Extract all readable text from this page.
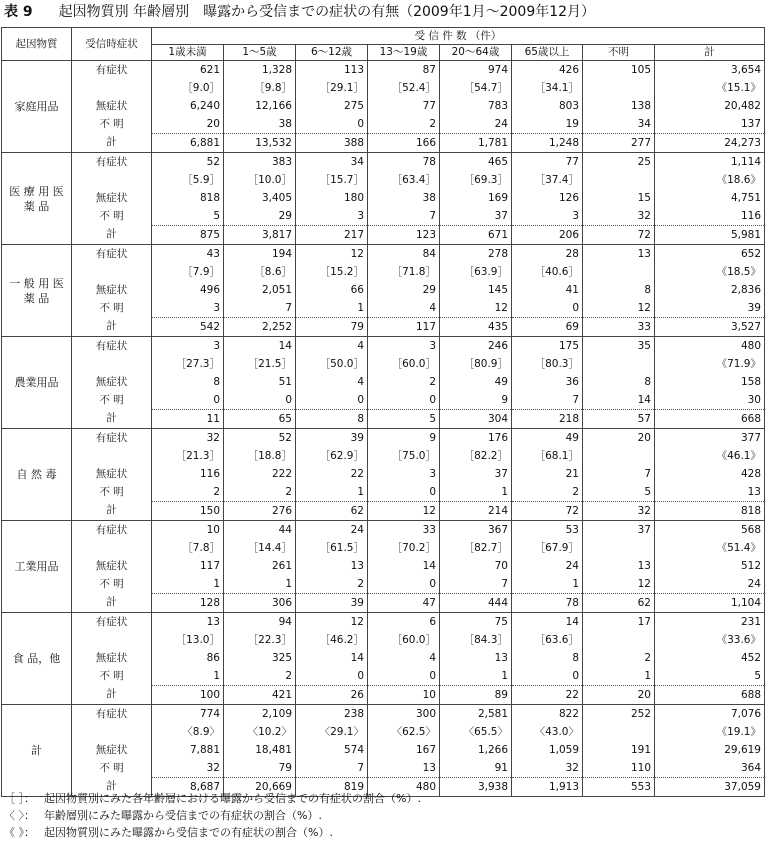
表 9 起因物質別 年齢層別　曝露から受信までの症状の有無（2009年1月～2009年12月）
起因物質	受信時症状	受 信 件 数 （件）							
		1歳未満	1～5歳	6～12歳	13～19歳	20～64歳	65歳以上	不明	計
家庭用品	有症状	621	1,328	113	87	974	426	105	3,654
		［9.0］	［9.8］	［29.1］	［52.4］	［54.7］	［34.1］		《15.1》
	無症状	6,240	12,166	275	77	783	803	138	20,482
	不 明	20	38	0	2	24	19	34	137
	計	6,881	13,532	388	166	1,781	1,248	277	24,273
医 療 用 医 薬 品	有症状	52	383	34	78	465	77	25	1,114
		［5.9］	［10.0］	［15.7］	［63.4］	［69.3］	［37.4］		《18.6》
	無症状	818	3,405	180	38	169	126	15	4,751
	不 明	5	29	3	7	37	3	32	116
	計	875	3,817	217	123	671	206	72	5,981
一 般 用 医 薬 品	有症状	43	194	12	84	278	28	13	652
		［7.9］	［8.6］	［15.2］	［71.8］	［63.9］	［40.6］		《18.5》
	無症状	496	2,051	66	29	145	41	8	2,836
	不 明	3	7	1	4	12	0	12	39
	計	542	2,252	79	117	435	69	33	3,527
農業用品	有症状	3	14	4	3	246	175	35	480
		［27.3］	［21.5］	［50.0］	［60.0］	［80.9］	［80.3］		《71.9》
	無症状	8	51	4	2	49	36	8	158
	不 明	0	0	0	0	9	7	14	30
	計	11	65	8	5	304	218	57	668
自 然 毒	有症状	32	52	39	9	176	49	20	377
		［21.3］	［18.8］	［62.9］	［75.0］	［82.2］	［68.1］		《46.1》
	無症状	116	222	22	3	37	21	7	428
	不 明	2	2	1	0	1	2	5	13
	計	150	276	62	12	214	72	32	818
工業用品	有症状	10	44	24	33	367	53	37	568
		［7.8］	［14.4］	［61.5］	［70.2］	［82.7］	［67.9］		《51.4》
	無症状	117	261	13	14	70	24	13	512
	不 明	1	1	2	0	7	1	12	24
	計	128	306	39	47	444	78	62	1,104
食 品，他	有症状	13	94	12	6	75	14	17	231
		［13.0］	［22.3］	［46.2］	［60.0］	［84.3］	［63.6］		《33.6》
	無症状	86	325	14	4	13	8	2	452
	不 明	1	2	0	0	1	0	1	5
	計	100	421	26	10	89	22	20	688
計	有症状	774	2,109	238	300	2,581	822	252	7,076
		〈8.9〉	〈10.2〉	〈29.1〉	〈62.5〉	〈65.5〉	〈43.0〉		《19.1》
	無症状	7,881	18,481	574	167	1,266	1,059	191	29,619
	不 明	32	79	7	13	91	32	110	364
	計	8,687	20,669	819	480	3,938	1,913	553	37,059
［ ］： 起因物質別にみた各年齢層における曝露から受信までの有症状の割合（%）.
〈 〉： 年齢層別にみた曝露から受信までの有症状の割合（%）.
《 》： 起因物質別にみた曝露から受信までの有症状の割合（%）.
